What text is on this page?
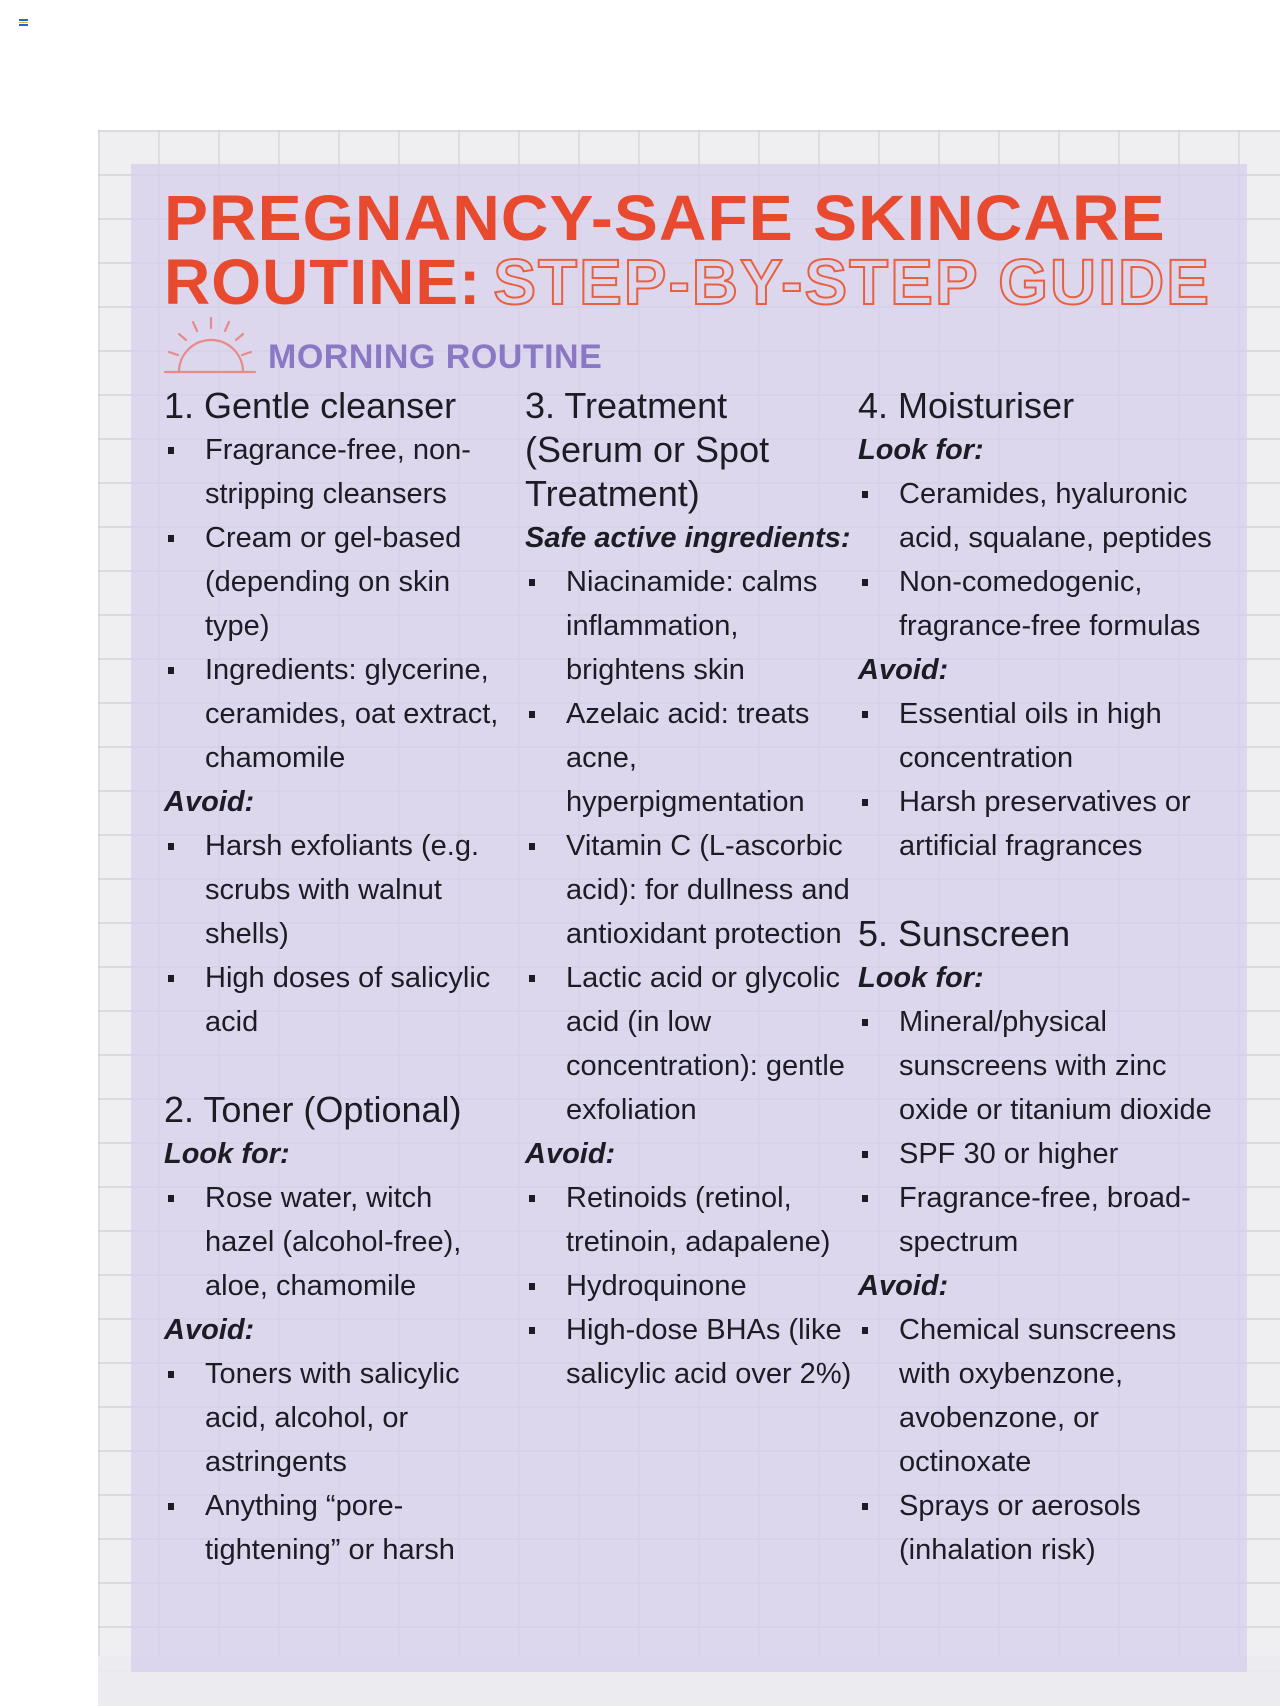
PREGNANCY-SAFE SKINCARE
ROUTINE: STEP-BY-STEP GUIDE
MORNING ROUTINE
1. Gentle cleanser
Fragrance-free, non-stripping cleansers
Cream or gel-based (depending on skin type)
Ingredients: glycerine, ceramides, oat extract, chamomile

Avoid:

Harsh exfoliants (e.g. scrubs with walnut shells)
High doses of salicylic acid
2. Toner (Optional)

Look for:

Rose water, witch hazel (alcohol-free), aloe, chamomile

Avoid:

Toners with salicylic acid, alcohol, or astringents
Anything “pore-tightening” or harsh
3. Treatment (Serum or Spot Treatment)

Safe active ingredients:

Niacinamide: calms inflammation, brightens skin
Azelaic acid: treats acne, hyperpigmentation
Vitamin C (L-ascorbic acid): for dullness and antioxidant protection
Lactic acid or glycolic acid (in low concentration): gentle exfoliation

Avoid:

Retinoids (retinol, tretinoin, adapalene)
Hydroquinone
High-dose BHAs (like salicylic acid over 2%)
4. Moisturiser

Look for:

Ceramides, hyaluronic acid, squalane, peptides
Non-comedogenic, fragrance-free formulas

Avoid:

Essential oils in high concentration
Harsh preservatives or artificial fragrances
5. Sunscreen

Look for:

Mineral/physical sunscreens with zinc oxide or titanium dioxide
SPF 30 or higher
Fragrance-free, broad-spectrum

Avoid:

Chemical sunscreens with oxybenzone, avobenzone, or octinoxate
Sprays or aerosols (inhalation risk)
